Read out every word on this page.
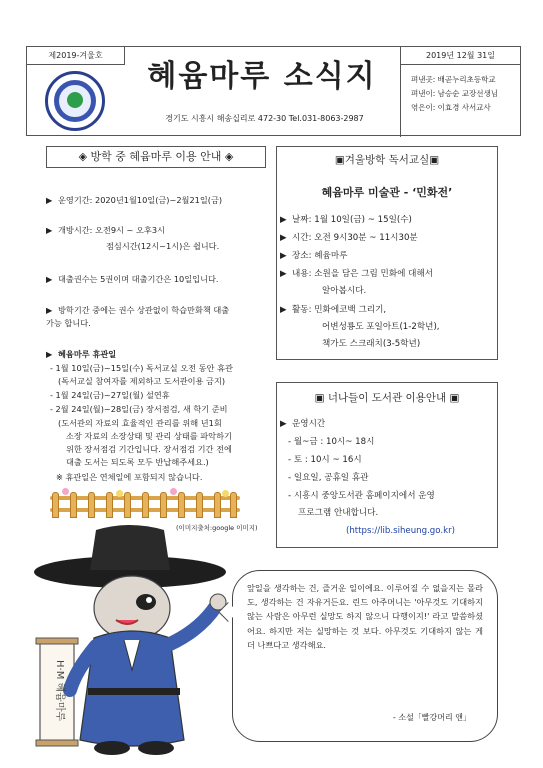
제2019-겨울호	2019년 12월 31일
혜윰마루 소식지
경기도 시흥시 해송십리로 472-30 Tel.031-8063-2987
펴낸곳: 배곧누리초등학교
펴낸이: 남승순 교장선생님
엮은이: 이효경 사서교사
◈ 방학 중 혜윰마루 이용 안내 ◈
▶ 운영기간: 2020년1월10일(금)~2월21일(금)
▶ 개방시간: 오전9시 ~ 오후3시
점심시간(12시~1시)은 쉽니다.
▶ 대출권수는 5권이며 대출기간은 10일입니다.
▶ 방학기간 중에는 권수 상관없이 학습만화책 대출
가능 합니다.
▶ 혜윰마루 휴관일
- 1월 10일(금)~15일(수) 독서교실 오전 동안 휴관
(독서교실 참여자를 제외하고 도서관이용 금지)
- 1월 24일(금)~27일(월) 설연휴
- 2월 24일(월)~28일(금) 장서점검, 새 학기 준비
(도서관의 자료의 효율적인 관리를 위해 년1회
소장 자료의 소장상태 및 관리 상태를 파악하기
위한 장서점검 기간입니다. 장서점검 기간 전에
대출 도서는 되도록 모두 반납해주세요.)
※ 휴관일은 연체일에 포함되지 않습니다.
(이미지출처:google 이미지)
▣겨울방학 독서교실▣
혜윰마루 미술관 - ‘민화전’
▶ 날짜: 1월 10일(금) ~ 15일(수)
▶ 시간: 오전 9시30분 ~ 11시30분
▶ 장소: 혜윰마루
▶ 내용: 소원을 담은 그림 민화에 대해서
알아봅시다.
▶ 활동: 민화에코백 그리기,
어변성룡도 포일아트(1-2학년),
책가도 스크래치(3-5학년)
▣ 너나들이 도서관 이용안내 ▣
▶ 운영시간
- 월~금 : 10시~ 18시
- 토 : 10시 ~ 16시
- 일요일, 공휴일 휴관
- 시흥시 중앙도서관 홈페이지에서 운영
프로그램 안내합니다.
(https://lib.siheung.go.kr)
H·M 혜윰마루
앞일을 생각하는 건, 즐거운 일이에요. 이루어질 수 없을지는 몰라도, 생각하는 건 자유거든요. 린드 아주머니는 '아무것도 기대하지 않는 사람은 아무런 실망도 하지 않으니 다행이지!' 라고 말씀하셨어요. 하지만 저는 실망하는 것 보다. 아무것도 기대하지 않는 게 더 나쁘다고 생각해요.
- 소설「빨강머리 앤」
